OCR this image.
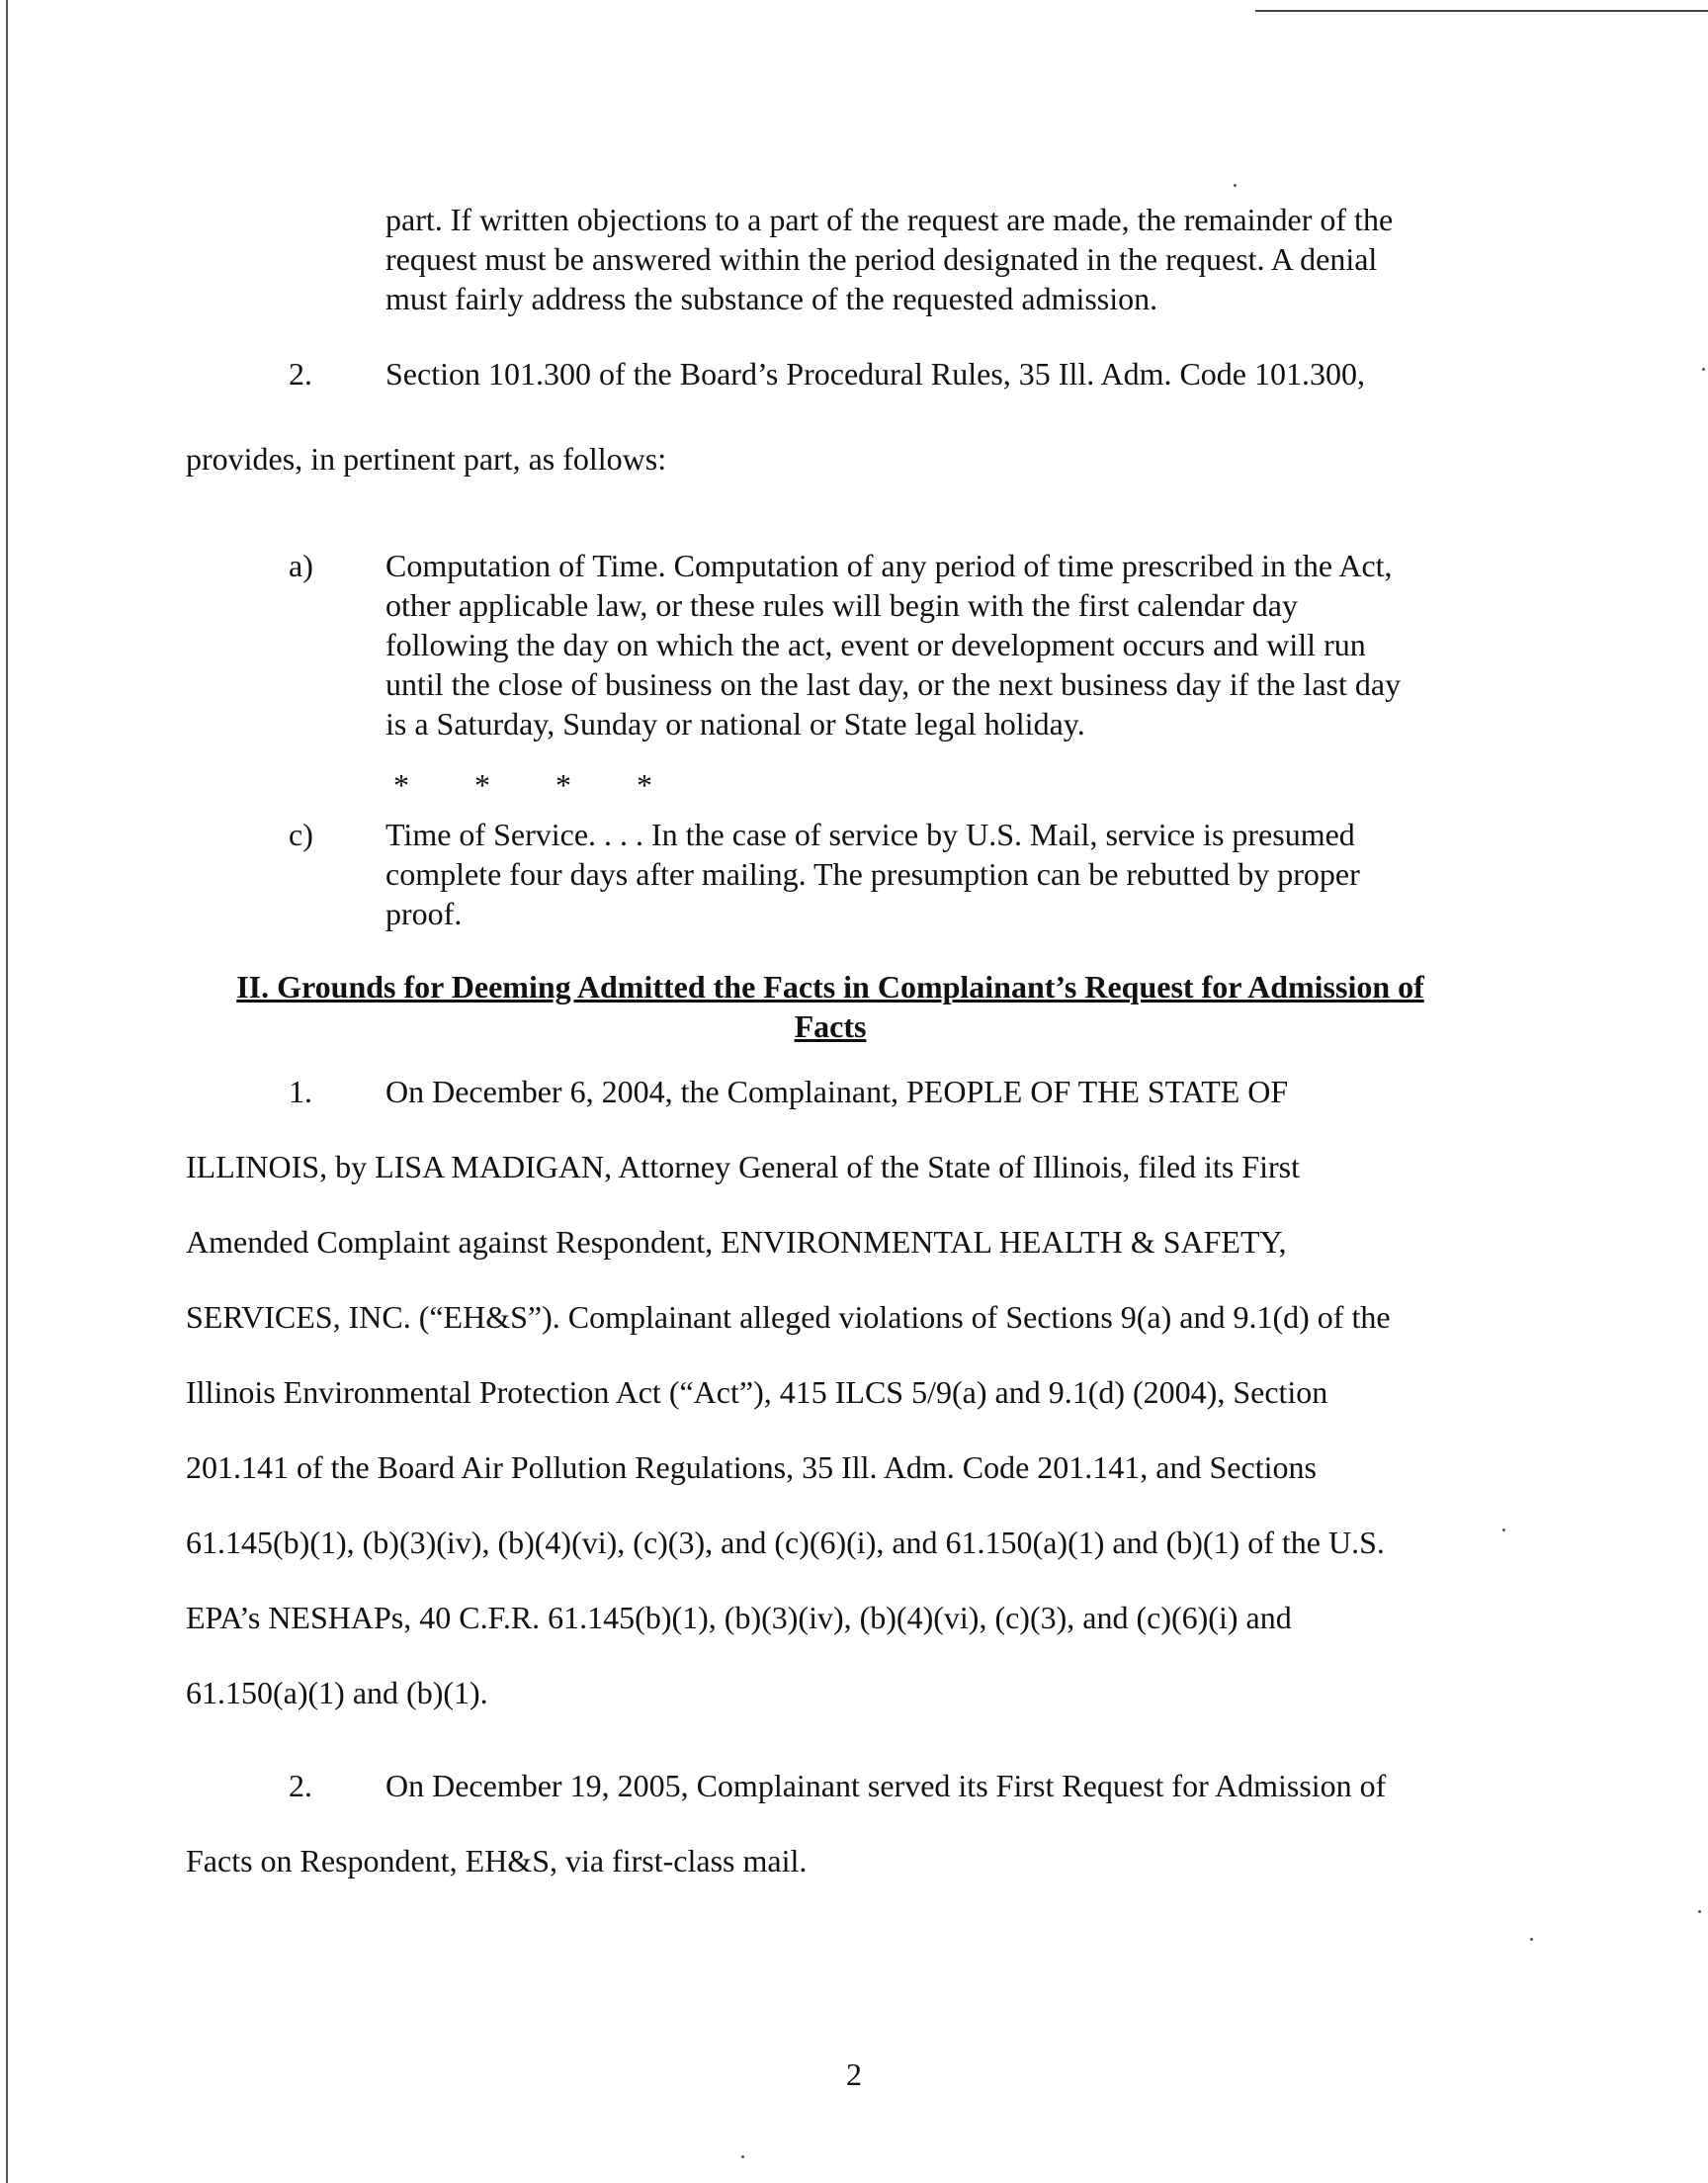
part. If written objections to a part of the request are made, the remainder of the
request must be answered within the period designated in the request. A denial
must fairly address the substance of the requested admission.
2. Section 101.300 of the Board’s Procedural Rules, 35 Ill. Adm. Code 101.300,
provides, in pertinent part, as follows:
a) Computation of Time. Computation of any period of time prescribed in the Act,
other applicable law, or these rules will begin with the first calendar day
following the day on which the act, event or development occurs and will run
until the close of business on the last day, or the next business day if the last day
is a Saturday, Sunday or national or State legal holiday.
* * * *
c) Time of Service. . . . In the case of service by U.S. Mail, service is presumed
complete four days after mailing. The presumption can be rebutted by proper
proof.
II. Grounds for Deeming Admitted the Facts in Complainant’s Request for Admission of
Facts
1. On December 6, 2004, the Complainant, PEOPLE OF THE STATE OF
ILLINOIS, by LISA MADIGAN, Attorney General of the State of Illinois, filed its First
Amended Complaint against Respondent, ENVIRONMENTAL HEALTH & SAFETY,
SERVICES, INC. (“EH&S”). Complainant alleged violations of Sections 9(a) and 9.1(d) of the
Illinois Environmental Protection Act (“Act”), 415 ILCS 5/9(a) and 9.1(d) (2004), Section
201.141 of the Board Air Pollution Regulations, 35 Ill. Adm. Code 201.141, and Sections
61.145(b)(1), (b)(3)(iv), (b)(4)(vi), (c)(3), and (c)(6)(i), and 61.150(a)(1) and (b)(1) of the U.S.
EPA’s NESHAPs, 40 C.F.R. 61.145(b)(1), (b)(3)(iv), (b)(4)(vi), (c)(3), and (c)(6)(i) and
61.150(a)(1) and (b)(1).
2. On December 19, 2005, Complainant served its First Request for Admission of
Facts on Respondent, EH&S, via first-class mail.
2
